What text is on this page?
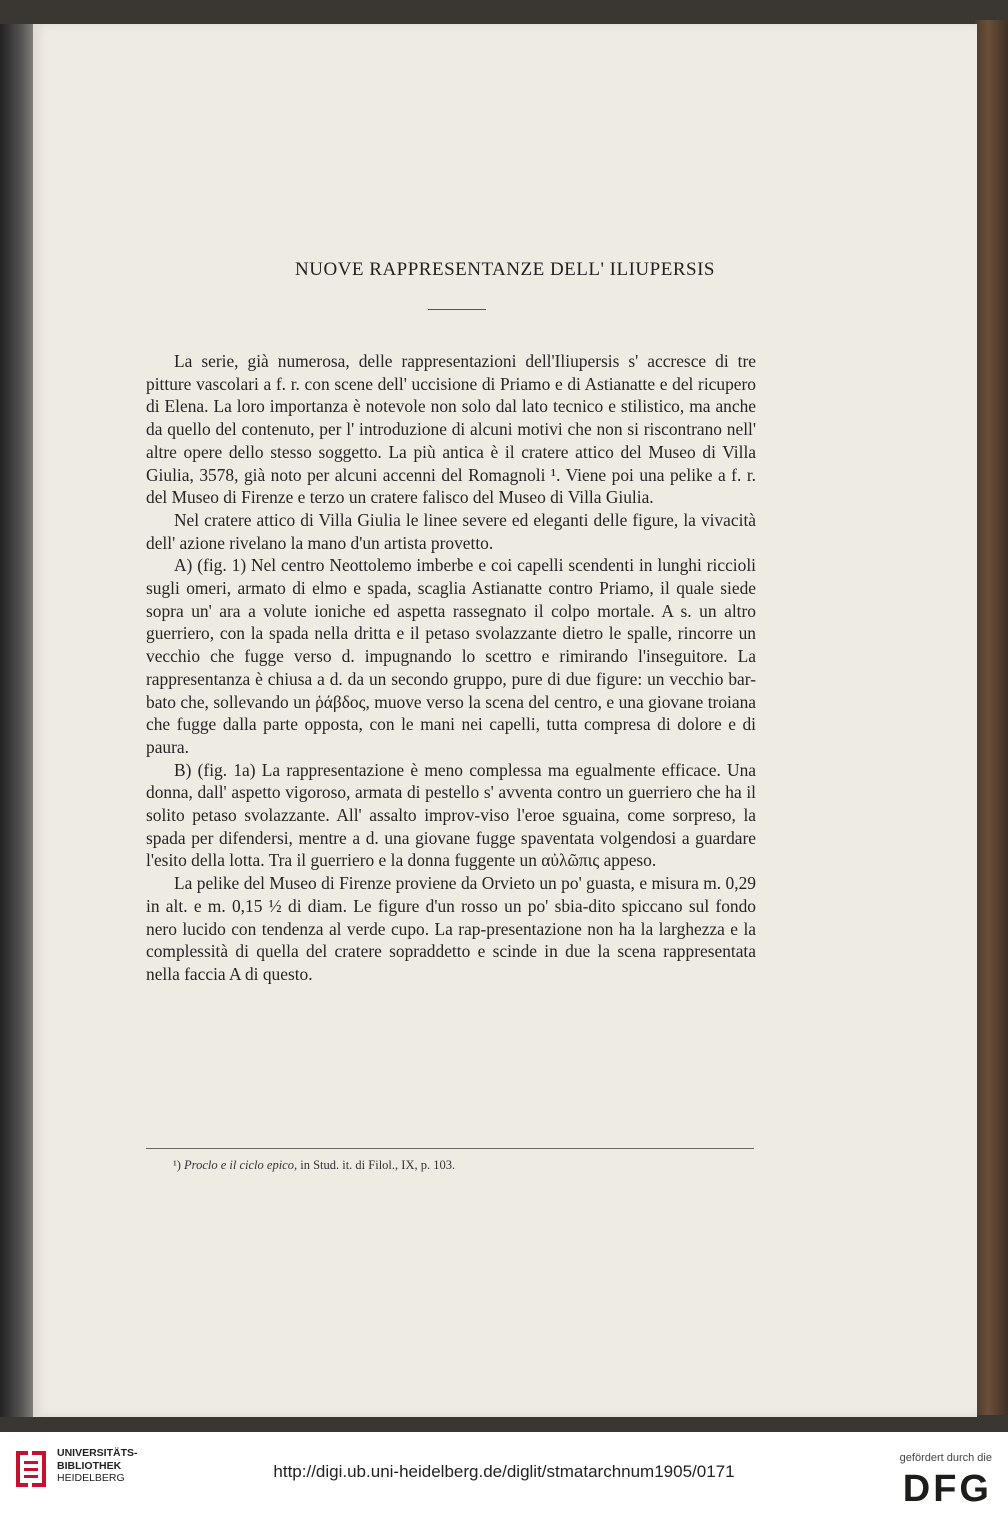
NUOVE RAPPRESENTANZE DELL' ILIUPERSIS

La serie, già numerosa, delle rappresentazioni dell'Iliupersis s' accresce di tre pitture vascolari a f. r. con scene dell' uccisione di Priamo e di Astianatte e del ricupero di Elena. La loro importanza è notevole non solo dal lato tecnico e stilistico, ma anche da quello del contenuto, per l' introduzione di alcuni motivi che non si riscontrano nell' altre opere dello stesso soggetto. La più antica è il cratere attico del Museo di Villa Giulia, 3578, già noto per alcuni accenni del Romagnoli ¹. Viene poi una pelike a f. r. del Museo di Firenze e terzo un cratere falisco del Museo di Villa Giulia.

Nel cratere attico di Villa Giulia le linee severe ed eleganti delle figure, la vivacità dell' azione rivelano la mano d'un artista provetto.

A) (fig. 1) Nel centro Neottolemo imberbe e coi capelli scendenti in lunghi riccioli sugli omeri, armato di elmo e spada, scaglia Astianatte contro Priamo, il quale siede sopra un' ara a volute ioniche ed aspetta rassegnato il colpo mortale. A s. un altro guerriero, con la spada nella dritta e il petaso svolazzante dietro le spalle, rincorre un vecchio che fugge verso d. impugnando lo scettro e rimirando l'inseguitore. La rappresentanza è chiusa a d. da un secondo gruppo, pure di due figure: un vecchio bar-bato che, sollevando un ῥάβδος, muove verso la scena del centro, e una giovane troiana che fugge dalla parte opposta, con le mani nei capelli, tutta compresa di dolore e di paura.

B) (fig. 1a) La rappresentazione è meno complessa ma egualmente efficace. Una donna, dall' aspetto vigoroso, armata di pestello s' avventa contro un guerriero che ha il solito petaso svolazzante. All' assalto improv-viso l'eroe sguaina, come sorpreso, la spada per difendersi, mentre a d. una giovane fugge spaventata volgendosi a guardare l'esito della lotta. Tra il guerriero e la donna fuggente un αὐλῶπις appeso.

La pelike del Museo di Firenze proviene da Orvieto un po' guasta, e misura m. 0,29 in alt. e m. 0,15 ½ di diam. Le figure d'un rosso un po' sbia-dito spiccano sul fondo nero lucido con tendenza al verde cupo. La rap-presentazione non ha la larghezza e la complessità di quella del cratere sopraddetto e scinde in due la scena rappresentata nella faccia A di questo.

¹) Proclo e il ciclo epico, in Stud. it. di Filol., IX, p. 103.
UNIVERSITÄTS-
BIBLIOTHEK
HEIDELBERG	http://digi.ub.uni-heidelberg.de/diglit/stmatarchnum1905/0171
gefördert durch die
DFG
